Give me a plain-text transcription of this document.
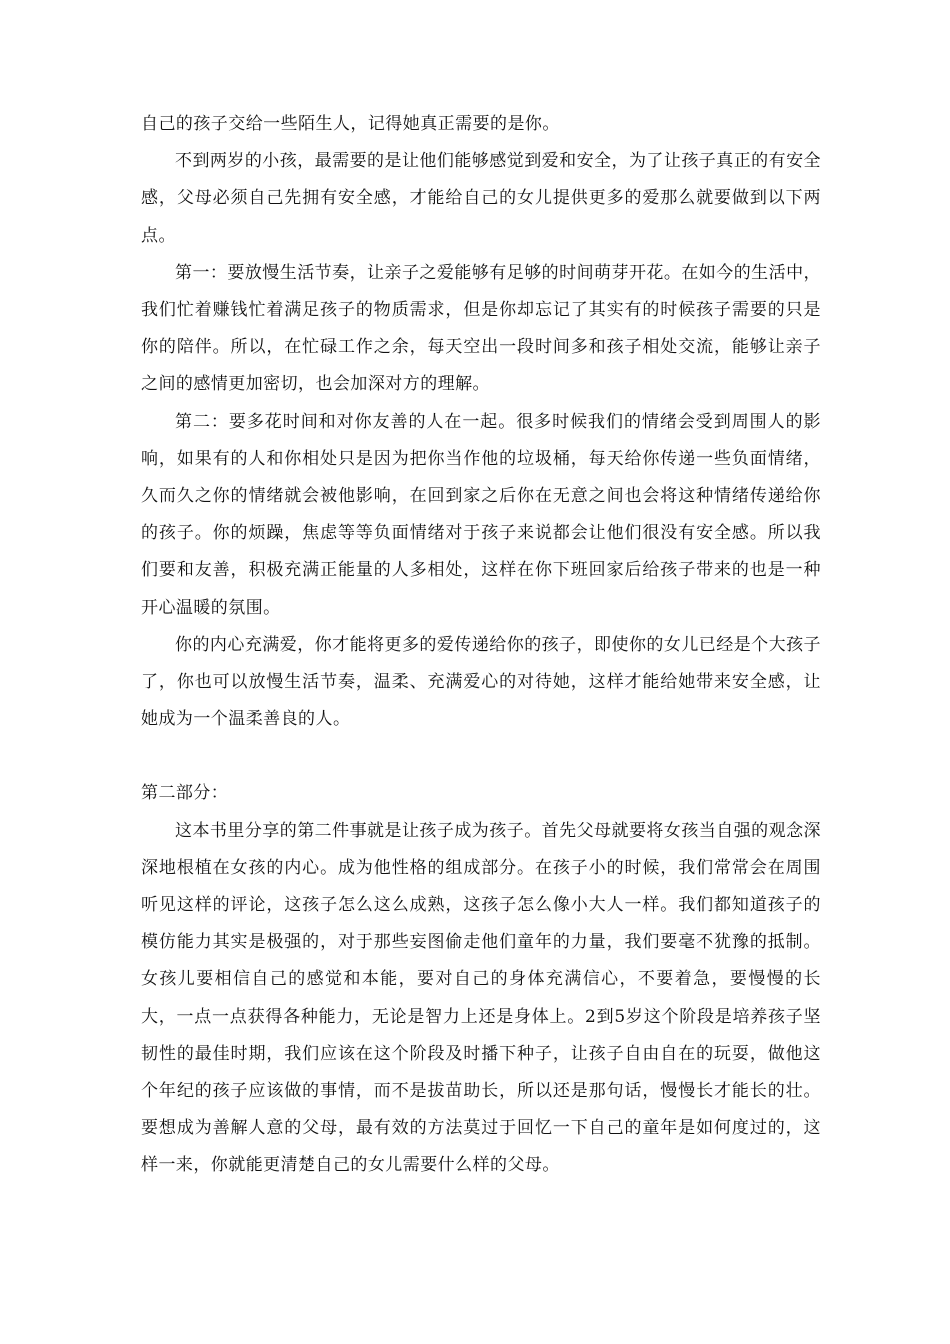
自己的孩子交给一些陌生人，记得她真正需要的是你。

不到两岁的小孩，最需要的是让他们能够感觉到爱和安全，为了让孩子真正的有安全感，父母必须自己先拥有安全感，才能给自己的女儿提供更多的爱那么就要做到以下两点。

第一：要放慢生活节奏，让亲子之爱能够有足够的时间萌芽开花。在如今的生活中，我们忙着赚钱忙着满足孩子的物质需求，但是你却忘记了其实有的时候孩子需要的只是你的陪伴。所以，在忙碌工作之余，每天空出一段时间多和孩子相处交流，能够让亲子之间的感情更加密切，也会加深对方的理解。

第二：要多花时间和对你友善的人在一起。很多时候我们的情绪会受到周围人的影响，如果有的人和你相处只是因为把你当作他的垃圾桶，每天给你传递一些负面情绪，久而久之你的情绪就会被他影响，在回到家之后你在无意之间也会将这种情绪传递给你的孩子。你的烦躁，焦虑等等负面情绪对于孩子来说都会让他们很没有安全感。所以我们要和友善，积极充满正能量的人多相处，这样在你下班回家后给孩子带来的也是一种开心温暖的氛围。

你的内心充满爱，你才能将更多的爱传递给你的孩子，即使你的女儿已经是个大孩子了，你也可以放慢生活节奏，温柔、充满爱心的对待她，这样才能给她带来安全感，让她成为一个温柔善良的人。

第二部分：

这本书里分享的第二件事就是让孩子成为孩子。首先父母就要将女孩当自强的观念深深地根植在女孩的内心。成为他性格的组成部分。在孩子小的时候，我们常常会在周围听见这样的评论，这孩子怎么这么成熟，这孩子怎么像小大人一样。我们都知道孩子的模仿能力其实是极强的，对于那些妄图偷走他们童年的力量，我们要毫不犹豫的抵制。女孩儿要相信自己的感觉和本能，要对自己的身体充满信心，不要着急，要慢慢的长大，一点一点获得各种能力，无论是智力上还是身体上。2到5岁这个阶段是培养孩子坚韧性的最佳时期，我们应该在这个阶段及时播下种子，让孩子自由自在的玩耍，做他这个年纪的孩子应该做的事情，而不是拔苗助长，所以还是那句话，慢慢长才能长的壮。要想成为善解人意的父母，最有效的方法莫过于回忆一下自己的童年是如何度过的，这样一来，你就能更清楚自己的女儿需要什么样的父母。
